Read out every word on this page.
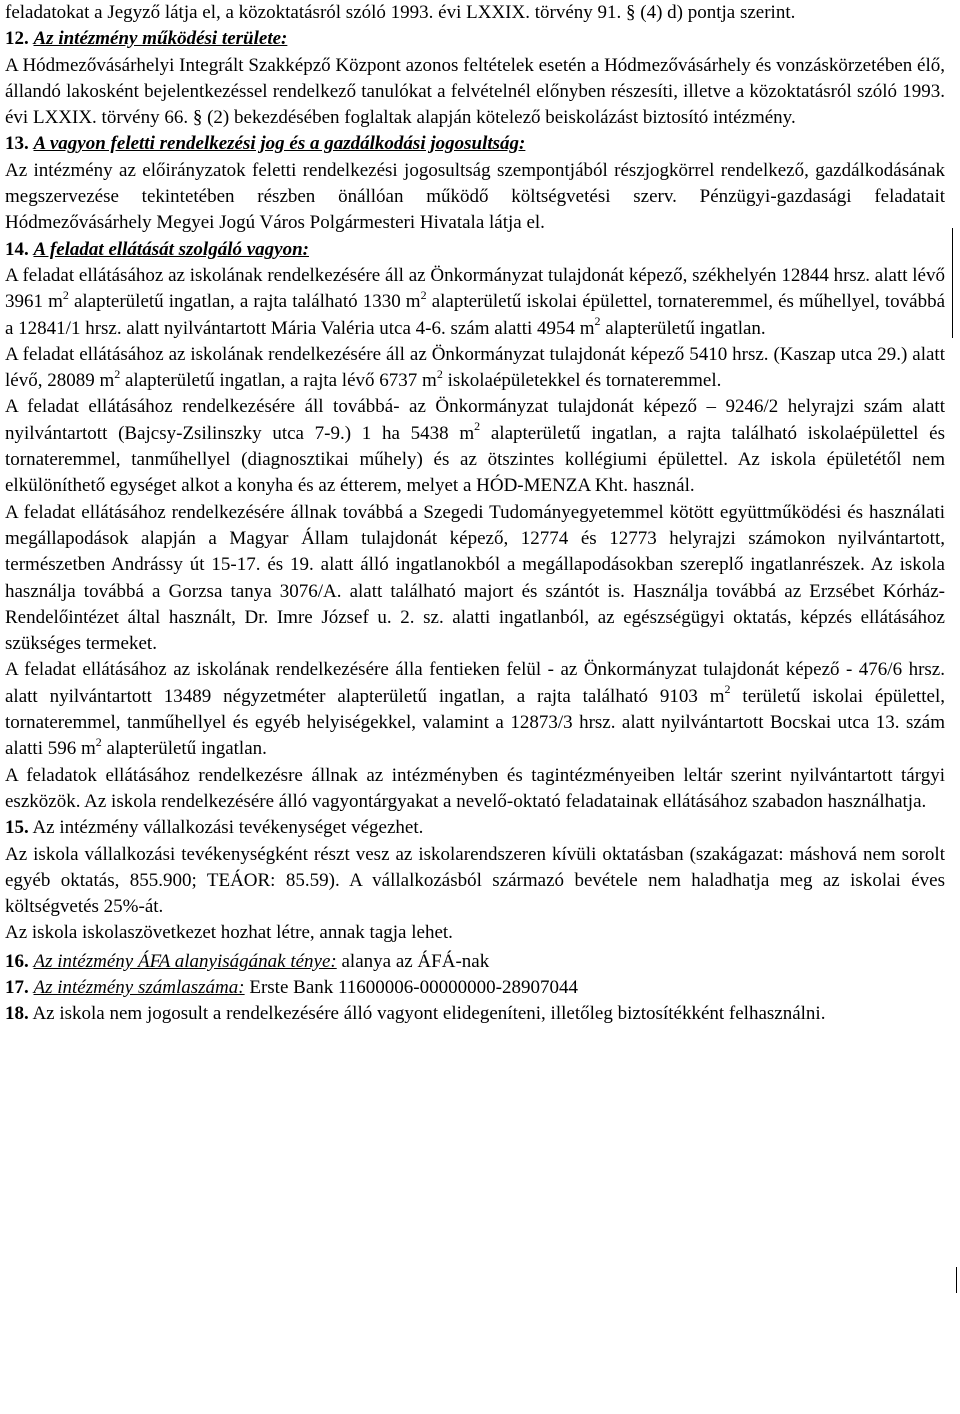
feladatokat a Jegyző látja el, a közoktatásról szóló 1993. évi LXXIX. törvény 91. § (4) d) pontja szerint.

12. Az intézmény működési területe:
A Hódmezővásárhelyi Integrált Szakképző Központ azonos feltételek esetén a Hódmezővásárhely és vonzáskörzetében élő, állandó lakosként bejelentkezéssel rendelkező tanulókat a felvételnél előnyben részesíti, illetve a közoktatásról szóló 1993. évi LXXIX. törvény 66. § (2) bekezdésében foglaltak alapján kötelező beiskolázást biztosító intézmény.

13. A vagyon feletti rendelkezési jog és a gazdálkodási jogosultság:
Az intézmény az előirányzatok feletti rendelkezési jogosultság szempontjából részjogkörrel rendelkező, gazdálkodásának megszervezése tekintetében részben önállóan működő költségvetési szerv. Pénzügyi-gazdasági feladatait Hódmezővásárhely Megyei Jogú Város Polgármesteri Hivatala látja el.

14. A feladat ellátását szolgáló vagyon:

A feladat ellátásához az iskolának rendelkezésére áll az Önkormányzat tulajdonát képező, székhelyén 12844 hrsz. alatt lévő 3961 $m^2$ alapterületű ingatlan, a rajta található 1330 $m^2$ alapterületű iskolai épülettel, tornateremmel, és műhellyel, továbbá a 12841/1 hrsz. alatt nyilvántartott Mária Valéria utca 4-6. szám alatti 4954 $m^2$ alapterületű ingatlan.

A feladat ellátásához az iskolának rendelkezésére áll az Önkormányzat tulajdonát képező 5410 hrsz. (Kaszap utca 29.) alatt lévő, 28089 $m^2$ alapterületű ingatlan, a rajta lévő 6737 $m^2$ iskolaépületekkel és tornateremmel.

A feladat ellátásához rendelkezésére áll továbbá- az Önkormányzat tulajdonát képező – 9246/2 helyrajzi szám alatt nyilvántartott (Bajcsy-Zsilinszky utca 7-9.) 1 ha 5438 $m^2$ alapterületű ingatlan, a rajta található iskolaépülettel és tornateremmel, tanműhellyel (diagnosztikai műhely) és az ötszintes kollégiumi épülettel. Az iskola épületétől nem elkülöníthető egységet alkot a konyha és az étterem, melyet a HÓD-MENZA Kht. használ.

A feladat ellátásához rendelkezésére állnak továbbá a Szegedi Tudományegyetemmel kötött együttműködési és használati megállapodások alapján a Magyar Állam tulajdonát képező, 12774 és 12773 helyrajzi számokon nyilvántartott, természetben Andrássy út 15-17. és 19. alatt álló ingatlanokból a megállapodásokban szereplő ingatlanrészek. Az iskola használja továbbá a Gorzsa tanya 3076/A. alatt található majort és szántót is. Használja továbbá az Erzsébet Kórház-Rendelőintézet által használt, Dr. Imre József u. 2. sz. alatti ingatlanból, az egészségügyi oktatás, képzés ellátásához szükséges termeket.

A feladat ellátásához az iskolának rendelkezésére álla fentieken felül - az Önkormányzat tulajdonát képező - 476/6 hrsz. alatt nyilvántartott 13489 négyzetméter alapterületű ingatlan, a rajta található 9103 $m^2$ területű iskolai épülettel, tornateremmel, tanműhellyel és egyéb helyiségekkel, valamint a 12873/3 hrsz. alatt nyilvántartott Bocskai utca 13. szám alatti 596 $m^2$ alapterületű ingatlan.

A feladatok ellátásához rendelkezésre állnak az intézményben és tagintézményeiben leltár szerint nyilvántartott tárgyi eszközök. Az iskola rendelkezésére álló vagyontárgyakat a nevelő-oktató feladatainak ellátásához szabadon használhatja.

15. Az intézmény vállalkozási tevékenységet végezhet.

Az iskola vállalkozási tevékenységként részt vesz az iskolarendszeren kívüli oktatásban (szakágazat: máshová nem sorolt egyéb oktatás, 855.900; TEÁOR: 85.59). A vállalkozásból származó bevétele nem haladhatja meg az iskolai éves költségvetés 25%-át.

Az iskola iskolaszövetkezet hozhat létre, annak tagja lehet.

16. Az intézmény ÁFA alanyiságának ténye: alanya az ÁFÁ-nak

17. Az intézmény számlaszáma: Erste Bank 11600006-00000000-28907044

18. Az iskola nem jogosult a rendelkezésére álló vagyont elidegeníteni, illetőleg biztosítékként felhasználni.
